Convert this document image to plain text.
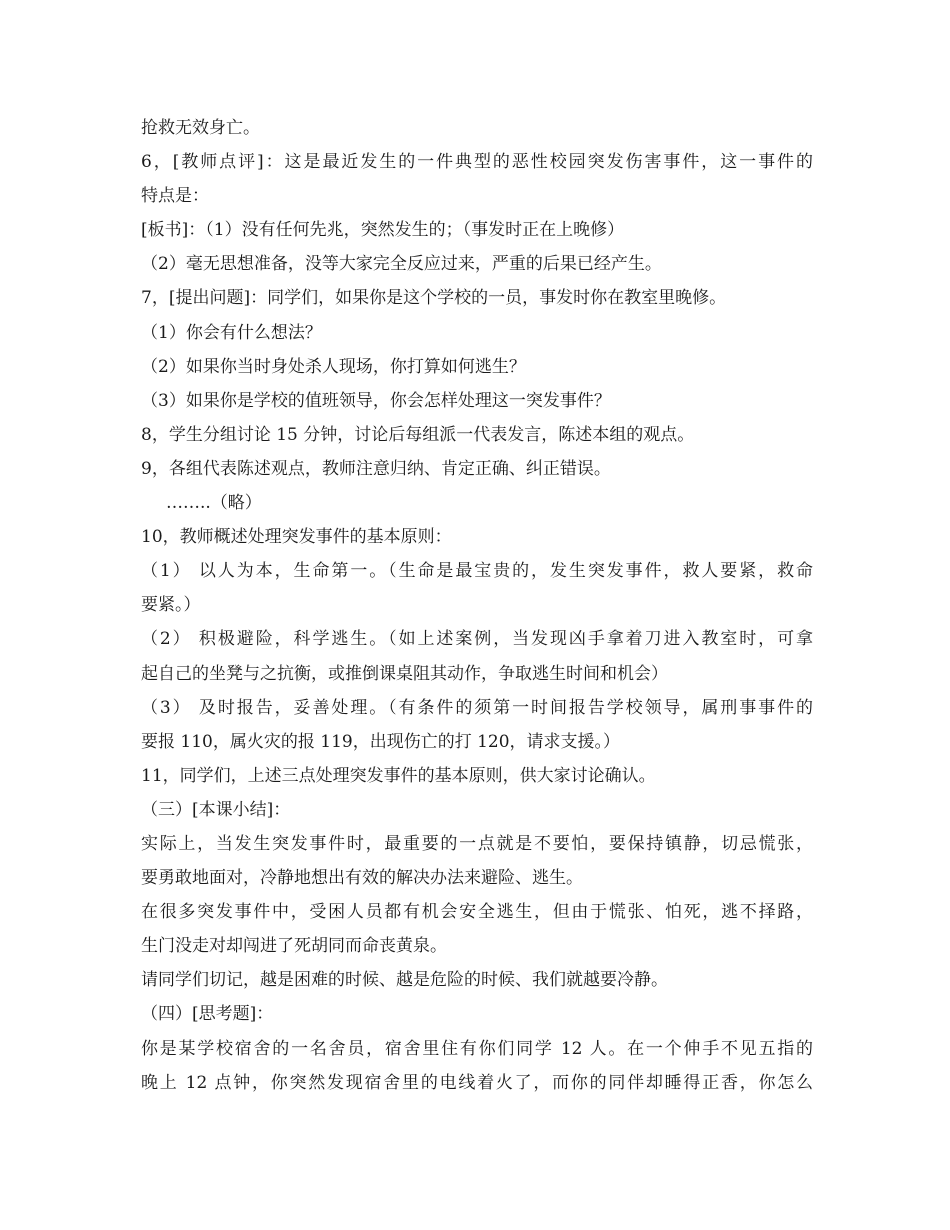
抢救无效身亡。

6，[教师点评]：这是最近发生的一件典型的恶性校园突发伤害事件，这一事件的

特点是：

[板书]：（1）没有任何先兆，突然发生的；（事发时正在上晚修）

（2）毫无思想准备，没等大家完全反应过来，严重的后果已经产生。

7，[提出问题]：同学们，如果你是这个学校的一员，事发时你在教室里晚修。

（1）你会有什么想法？

（2）如果你当时身处杀人现场，你打算如何逃生？

（3）如果你是学校的值班领导，你会怎样处理这一突发事件？

8，学生分组讨论 15 分钟，讨论后每组派一代表发言，陈述本组的观点。

9，各组代表陈述观点，教师注意归纳、肯定正确、纠正错误。

……..（略）

10，教师概述处理突发事件的基本原则：

（1） 以人为本，生命第一。（生命是最宝贵的，发生突发事件，救人要紧，救命

要紧。）

（2） 积极避险，科学逃生。（如上述案例，当发现凶手拿着刀进入教室时，可拿

起自己的坐凳与之抗衡，或推倒课桌阻其动作，争取逃生时间和机会）

（3） 及时报告，妥善处理。（有条件的须第一时间报告学校领导，属刑事事件的

要报 110，属火灾的报 119，出现伤亡的打 120，请求支援。）

11，同学们，上述三点处理突发事件的基本原则，供大家讨论确认。

（三）[本课小结]：

实际上，当发生突发事件时，最重要的一点就是不要怕，要保持镇静，切忌慌张，

要勇敢地面对，冷静地想出有效的解决办法来避险、逃生。

在很多突发事件中，受困人员都有机会安全逃生，但由于慌张、怕死，逃不择路，

生门没走对却闯进了死胡同而命丧黄泉。

请同学们切记，越是困难的时候、越是危险的时候、我们就越要冷静。

（四）[思考题]：

你是某学校宿舍的一名舍员，宿舍里住有你们同学 12 人。在一个伸手不见五指的

晚上 12 点钟，你突然发现宿舍里的电线着火了，而你的同伴却睡得正香，你怎么
